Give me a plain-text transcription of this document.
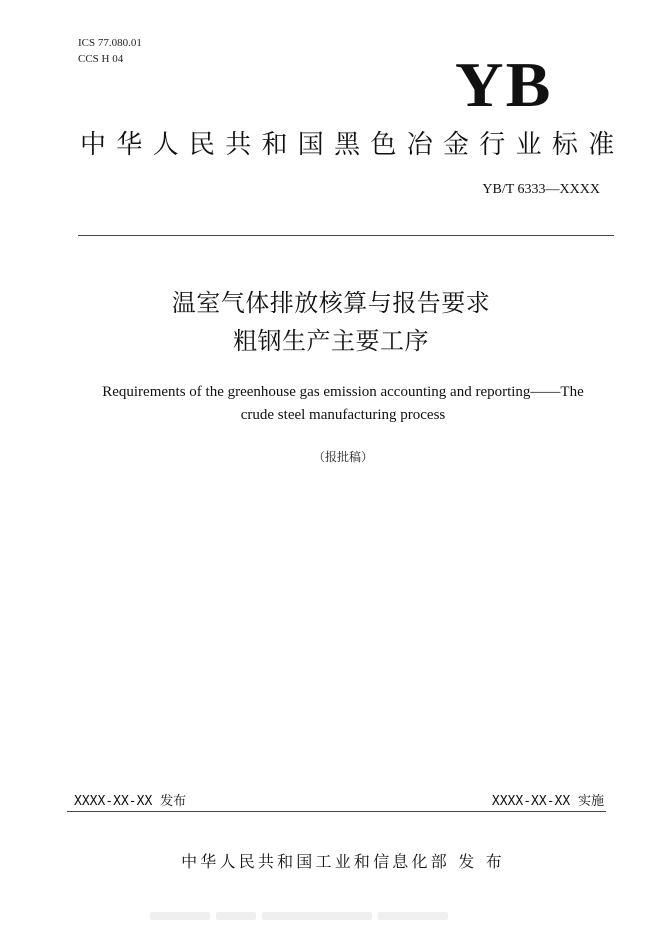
ICS 77.080.01
CCS H 04	YB
中华人民共和国黑色冶金行业标准
YB/T 6333—XXXX
温室气体排放核算与报告要求
粗钢生产主要工序
Requirements of the greenhouse gas emission accounting and reporting——The
crude steel manufacturing process
（报批稿）
XXXX-XX-XX 发布	XXXX-XX-XX 实施
中华人民共和国工业和信息化部 发 布
